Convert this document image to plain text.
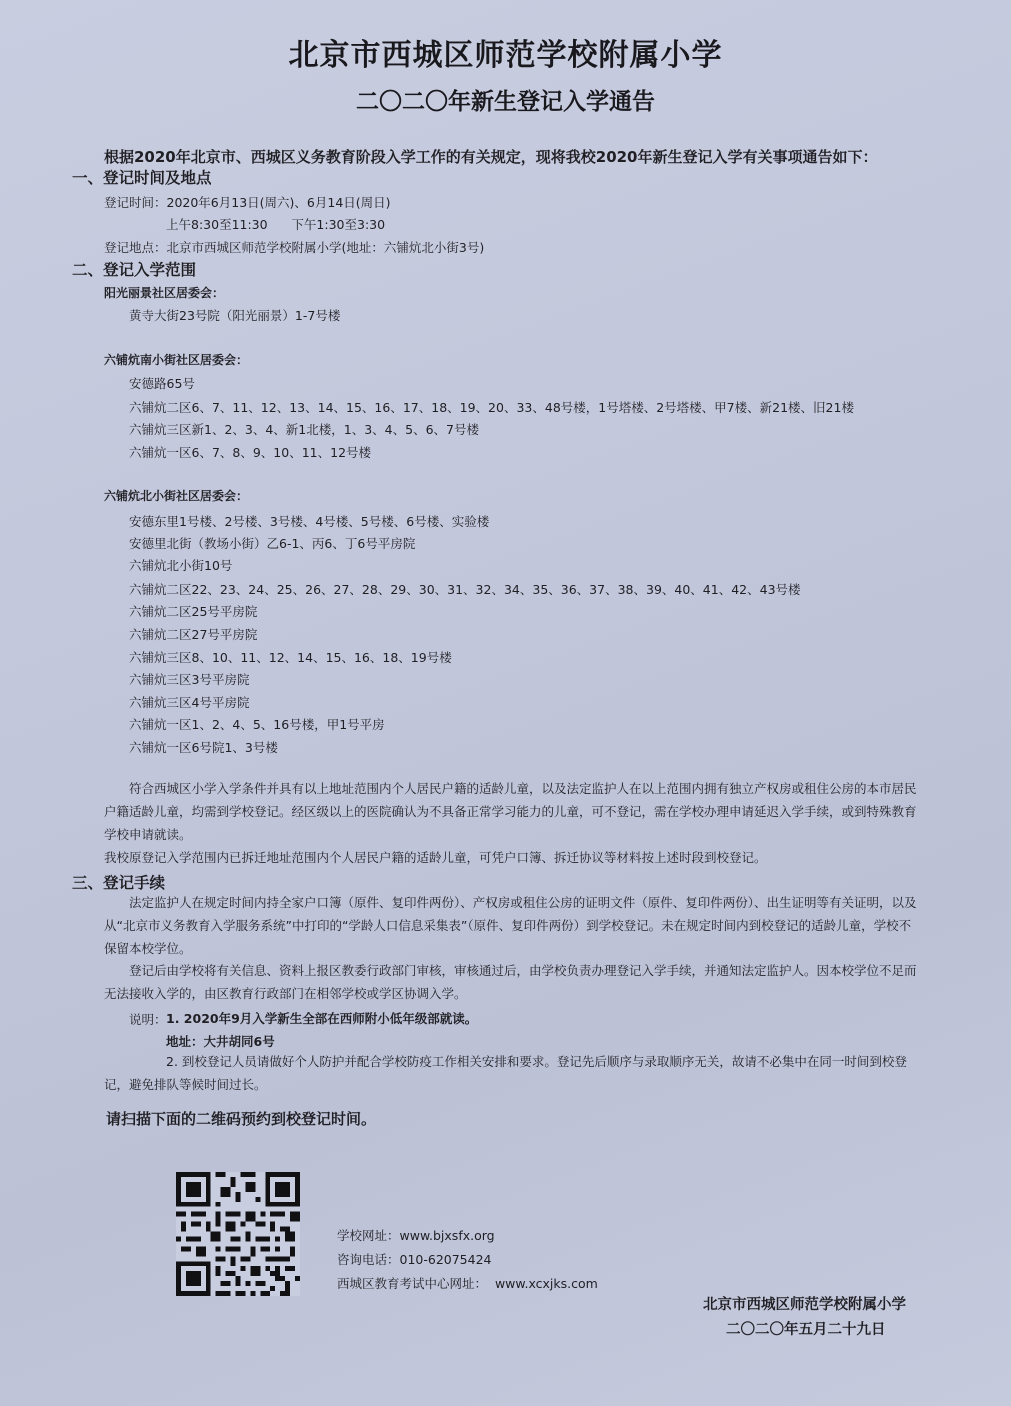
北京市西城区师范学校附属小学
二〇二〇年新生登记入学通告
根据2020年北京市、西城区义务教育阶段入学工作的有关规定，现将我校2020年新生登记入学有关事项通告如下：
一、登记时间及地点
登记时间：2020年6月13日(周六)、6月14日(周日)
上午8:30至11:30      下午1:30至3:30
登记地点：北京市西城区师范学校附属小学(地址：六铺炕北小街3号)
二、登记入学范围
阳光丽景社区居委会：
黄寺大街23号院（阳光丽景）1-7号楼
六铺炕南小街社区居委会：
安德路65号
六铺炕二区6、7、11、12、13、14、15、16、17、18、19、20、33、48号楼，1号塔楼、2号塔楼、甲7楼、新21楼、旧21楼
六铺炕三区新1、2、3、4、新1北楼，1、3、4、5、6、7号楼
六铺炕一区6、7、8、9、10、11、12号楼
六铺炕北小街社区居委会：
安德东里1号楼、2号楼、3号楼、4号楼、5号楼、6号楼、实验楼
安德里北街（教场小街）乙6-1、丙6、丁6号平房院
六铺炕北小街10号
六铺炕二区22、23、24、25、26、27、28、29、30、31、32、34、35、36、37、38、39、40、41、42、43号楼
六铺炕二区25号平房院
六铺炕二区27号平房院
六铺炕三区8、10、11、12、14、15、16、18、19号楼
六铺炕三区3号平房院
六铺炕三区4号平房院
六铺炕一区1、2、4、5、16号楼，甲1号平房
六铺炕一区6号院1、3号楼
符合西城区小学入学条件并具有以上地址范围内个人居民户籍的适龄儿童，以及法定监护人在以上范围内拥有独立产权房或租住公房的本市居民户籍适龄儿童，均需到学校登记。经区级以上的医院确认为不具备正常学习能力的儿童，可不登记，需在学校办理申请延迟入学手续，或到特殊教育学校申请就读。
我校原登记入学范围内已拆迁地址范围内个人居民户籍的适龄儿童，可凭户口簿、拆迁协议等材料按上述时段到校登记。
三、登记手续
法定监护人在规定时间内持全家户口簿（原件、复印件两份）、产权房或租住公房的证明文件（原件、复印件两份）、出生证明等有关证明，以及从“北京市义务教育入学服务系统”中打印的“学龄人口信息采集表”（原件、复印件两份）到学校登记。未在规定时间内到校登记的适龄儿童，学校不保留本校学位。
登记后由学校将有关信息、资料上报区教委行政部门审核，审核通过后，由学校负责办理登记入学手续，并通知法定监护人。因本校学位不足而无法接收入学的，由区教育行政部门在相邻学校或学区协调入学。
说明： 1. 2020年9月入学新生全部在西师附小低年级部就读。
地址：大井胡同6号
2. 到校登记人员请做好个人防护并配合学校防疫工作相关安排和要求。登记先后顺序与录取顺序无关，故请不必集中在同一时间到校登记，避免排队等候时间过长。
请扫描下面的二维码预约到校登记时间。
学校网址：www.bjxsfx.org
咨询电话：010-62075424
西城区教育考试中心网址：  www.xcxjks.com
北京市西城区师范学校附属小学
二〇二〇年五月二十九日
